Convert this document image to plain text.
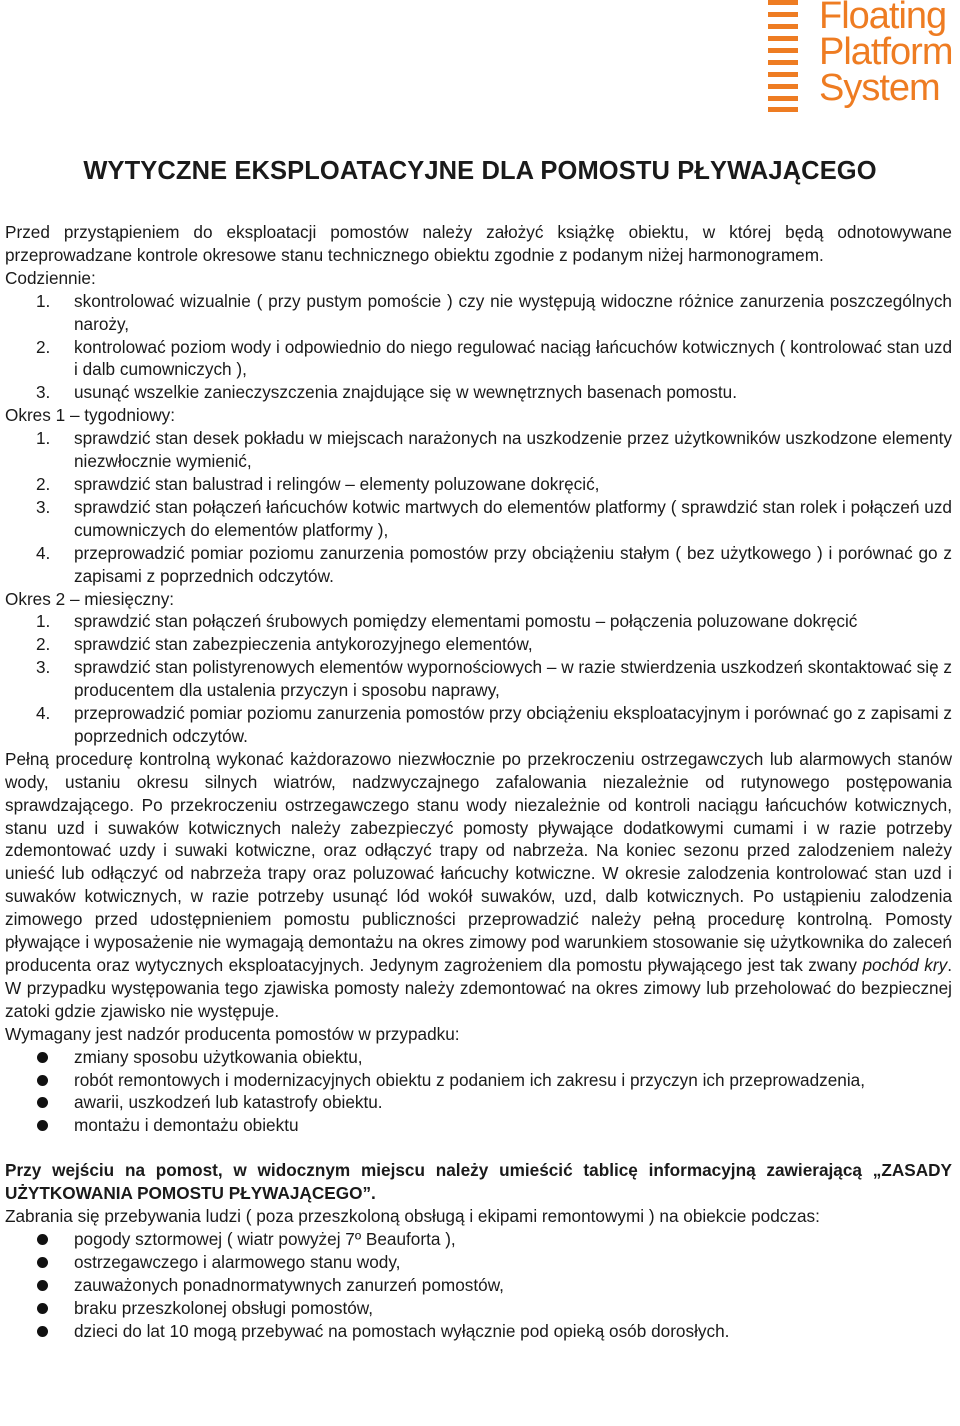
Floating
Platform
System
WYTYCZNE EKSPLOATACYJNE DLA POMOSTU PŁYWAJĄCEGO

Przed przystąpieniem do eksploatacji pomostów należy założyć książkę obiektu, w której będą odnotowywane przeprowadzane kontrole okresowe stanu technicznego obiektu zgodnie z podanym niżej harmonogramem.

Codziennie:
1.	skontrolować wizualnie ( przy pustym pomoście ) czy nie występują widoczne różnice zanurzenia poszczególnych naroży,
2.	kontrolować poziom wody i odpowiednio do niego regulować naciąg łańcuchów kotwicznych ( kontrolować stan uzd i dalb cumowniczych ),
3.	usunąć wszelkie zanieczyszczenia znajdujące się w wewnętrznych basenach pomostu.
Okres 1 – tygodniowy:
1.	sprawdzić stan desek pokładu w miejscach narażonych na uszkodzenie przez użytkowników uszkodzone elementy niezwłocznie wymienić,
2.	sprawdzić stan balustrad i relingów – elementy poluzowane dokręcić,
3.	sprawdzić stan połączeń łańcuchów kotwic martwych do elementów platformy ( sprawdzić stan rolek i połączeń uzd cumowniczych do elementów platformy ),
4.	przeprowadzić pomiar poziomu zanurzenia pomostów przy obciążeniu stałym ( bez użytkowego ) i porównać go z zapisami z poprzednich odczytów.
Okres 2 – miesięczny:
1.	sprawdzić stan połączeń śrubowych pomiędzy elementami pomostu – połączenia poluzowane dokręcić
2.	sprawdzić stan zabezpieczenia antykorozyjnego elementów,
3.	sprawdzić stan polistyrenowych elementów wypornościowych – w razie stwierdzenia uszkodzeń skontaktować się z producentem dla ustalenia przyczyn i sposobu naprawy,
4.	przeprowadzić pomiar poziomu zanurzenia pomostów przy obciążeniu eksploatacyjnym i porównać go z zapisami z poprzednich odczytów.

Pełną procedurę kontrolną wykonać każdorazowo niezwłocznie po przekroczeniu ostrzegawczych lub alarmowych stanów wody, ustaniu okresu silnych wiatrów, nadzwyczajnego zafalowania niezależnie od rutynowego postępowania sprawdzającego. Po przekroczeniu ostrzegawczego stanu wody niezależnie od kontroli naciągu łańcuchów kotwicznych, stanu uzd i suwaków kotwicznych należy zabezpieczyć pomosty pływające dodatkowymi cumami i w razie potrzeby zdemontować uzdy i suwaki kotwiczne, oraz odłączyć trapy od nabrzeża. Na koniec sezonu przed zalodzeniem należy unieść lub odłączyć od nabrzeża trapy oraz poluzować łańcuchy kotwiczne. W okresie zalodzenia kontrolować stan uzd i suwaków kotwicznych, w razie potrzeby usunąć lód wokół suwaków, uzd, dalb kotwicznych. Po ustąpieniu zalodzenia zimowego przed udostępnieniem pomostu publiczności przeprowadzić należy pełną procedurę kontrolną. Pomosty pływające i wyposażenie nie wymagają demontażu na okres zimowy pod warunkiem stosowanie się użytkownika do zaleceń producenta oraz wytycznych eksploatacyjnych. Jedynym zagrożeniem dla pomostu pływającego jest tak zwany pochód kry. W przypadku występowania tego zjawiska pomosty należy zdemontować na okres zimowy lub przeholować do bezpiecznej zatoki gdzie zjawisko nie występuje.

Wymagany jest nadzór producenta pomostów w przypadku:
zmiany sposobu użytkowania obiektu,
robót remontowych i modernizacyjnych obiektu z podaniem ich zakresu i przyczyn ich przeprowadzenia,
awarii, uszkodzeń lub katastrofy obiektu.
montażu i demontażu obiektu

Przy wejściu na pomost, w widocznym miejscu należy umieścić tablicę informacyjną zawierającą „ZASADY UŻYTKOWANIA POMOSTU PŁYWAJĄCEGO”.

Zabrania się przebywania ludzi ( poza przeszkoloną obsługą i ekipami remontowymi ) na obiekcie podczas:
pogody sztormowej ( wiatr powyżej 7º Beauforta ),
ostrzegawczego i alarmowego stanu wody,
zauważonych ponadnormatywnych zanurzeń pomostów,
braku przeszkolonej obsługi pomostów,
dzieci do lat 10 mogą przebywać na pomostach wyłącznie pod opieką osób dorosłych.
